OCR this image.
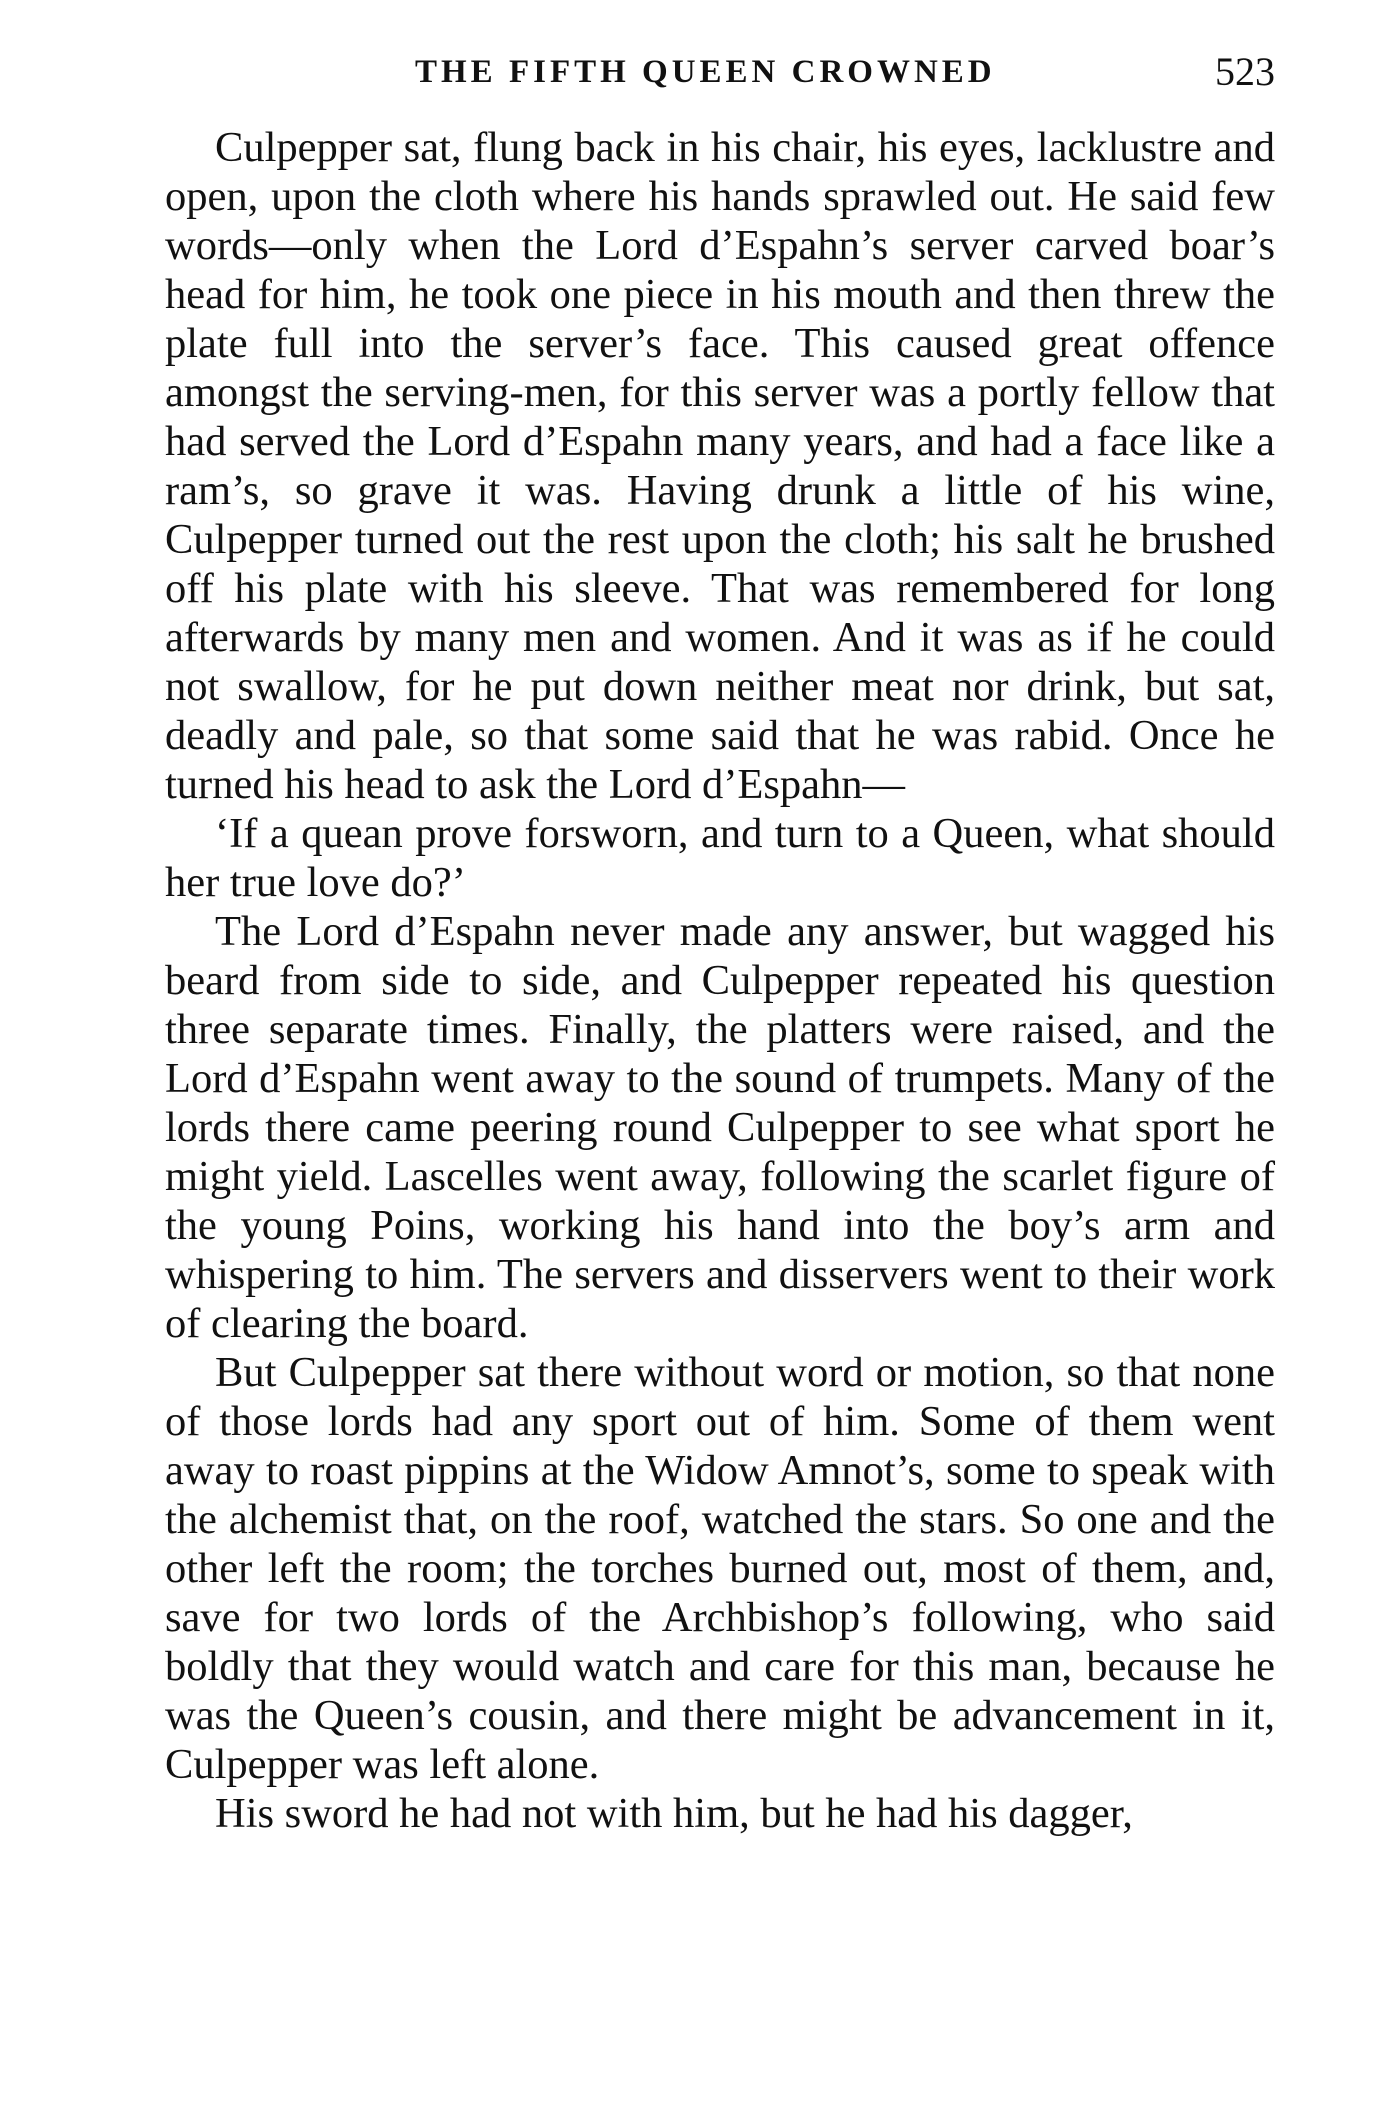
THE FIFTH QUEEN CROWNED	523

Culpepper sat, flung back in his chair, his eyes, lacklustre and open, upon the cloth where his hands sprawled out. He said few words—only when the Lord d’Espahn’s server carved boar’s head for him, he took one piece in his mouth and then threw the plate full into the server’s face. This caused great offence amongst the serving-men, for this server was a portly fellow that had served the Lord d’Espahn many years, and had a face like a ram’s, so grave it was. Having drunk a little of his wine, Culpepper turned out the rest upon the cloth; his salt he brushed off his plate with his sleeve. That was remembered for long afterwards by many men and women. And it was as if he could not swallow, for he put down neither meat nor drink, but sat, deadly and pale, so that some said that he was rabid. Once he turned his head to ask the Lord d’Espahn—

‘If a quean prove forsworn, and turn to a Queen, what should her true love do?’

The Lord d’Espahn never made any answer, but wagged his beard from side to side, and Culpepper repeated his question three separate times. Finally, the platters were raised, and the Lord d’Espahn went away to the sound of trumpets. Many of the lords there came peering round Culpepper to see what sport he might yield. Lascelles went away, following the scarlet figure of the young Poins, working his hand into the boy’s arm and whispering to him. The servers and disservers went to their work of clearing the board.

But Culpepper sat there without word or motion, so that none of those lords had any sport out of him. Some of them went away to roast pippins at the Widow Amnot’s, some to speak with the alchemist that, on the roof, watched the stars. So one and the other left the room; the torches burned out, most of them, and, save for two lords of the Archbishop’s following, who said boldly that they would watch and care for this man, because he was the Queen’s cousin, and there might be advancement in it, Culpepper was left alone.

His sword he had not with him, but he had his dagger,
